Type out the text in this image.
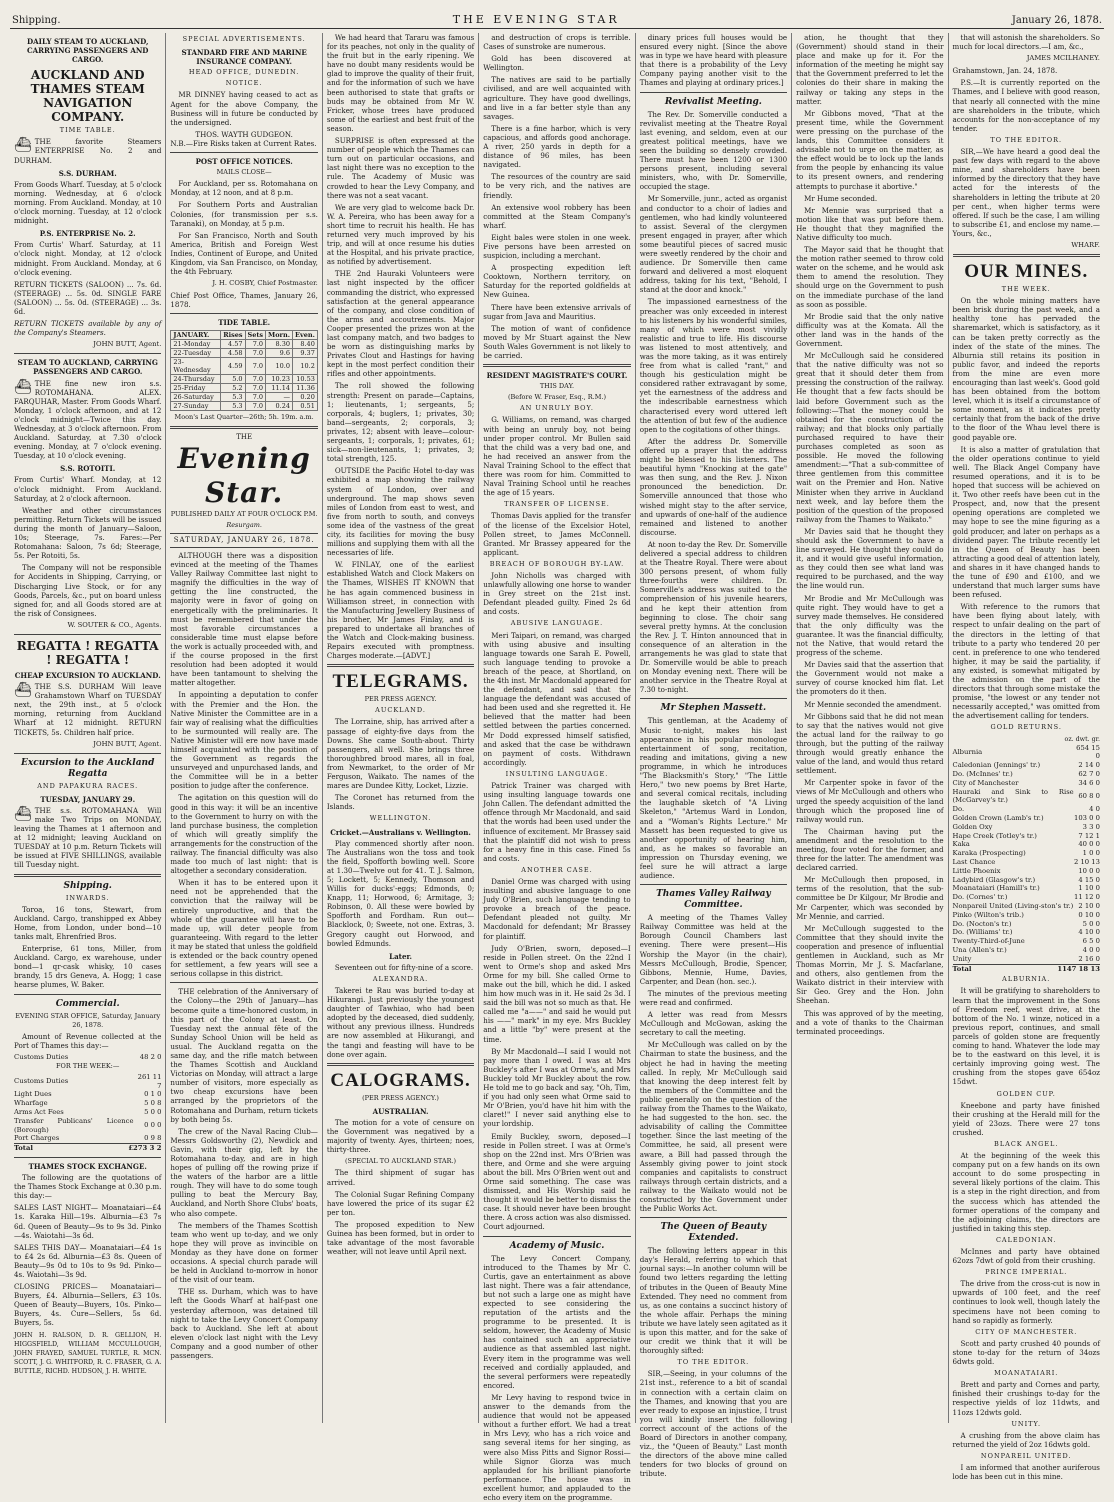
Shipping.	THE EVENING STAR	January 26, 1878.
DAILY STEAM TO AUCKLAND, CARRYING PASSENGERS AND CARGO.
AUCKLAND AND THAMES STEAM NAVIGATION COMPANY.
TIME TABLE.

⛴ THE favorite Steamers ENTERPRISE No. 2 and DURHAM.

S.S. DURHAM.

From Goods Wharf. Tuesday, at 5 o'clock morning. Wednesday, at 6 o'clock morning. From Auckland. Monday, at 10 o'clock morning. Tuesday, at 12 o'clock midnight.

P.S. ENTERPRISE No. 2.

From Curtis' Wharf. Saturday, at 11 o'clock night. Monday, at 12 o'clock midnight. From Auckland. Monday, at 6 o'clock evening.

RETURN TICKETS (SALOON) ... 7s. 6d. (STEERAGE) ... 5s. 0d. SINGLE FARE (SALOON) ... 5s. 0d. (STEERAGE) ... 3s. 6d.

RETURN TICKETS available by any of the Company's Steamers.

JOHN BUTT, Agent.
STEAM TO AUCKLAND, CARRYING PASSENGERS AND CARGO.

⛴ THE fine new iron s.s. ROTOMAHANA. ALEX. FARQUHAR, Master. From Goods Wharf. Monday, 1 o'clock afternoon, and at 12 o'clock midnight—Twice this day. Wednesday, at 3 o'clock afternoon. From Auckland. Saturday, at 7.30 o'clock evening. Monday, at 7 o'clock evening. Tuesday, at 10 o'clock evening.

S.S. ROTOITI.

From Curtis' Wharf. Monday, at 12 o'clock midnight. From Auckland. Saturday, at 2 o'clock afternoon.

Weather and other circumstances permitting. Return Tickets will be issued during the month of January—Saloon, 10s; Steerage, 7s. Fares:—Per Rotomahana: Saloon, 7s 6d; Steerage, 5s. Per Rotoiti, 5s.

The Company will not be responsible for Accidents in Shipping, Carrying, or Discharging Live Stock, or for any Goods, Parcels, &c., put on board unless signed for, and all Goods stored are at the risk of Consignees.

W. SOUTER & CO., Agents.
REGATTA ! REGATTA ! REGATTA !
CHEAP EXCURSION TO AUCKLAND.

⛴ THE S.S. DURHAM Will leave Grahamstown Wharf on TUESDAY next, the 29th inst., at 5 o'clock morning, returning from Auckland Wharf at 12 midnight. RETURN TICKETS, 5s. Children half price.

JOHN BUTT, Agent.
Excursion to the Auckland Regatta
AND PAPAKURA RACES.
TUESDAY, JANUARY 29.

⛴ THE s.s. ROTOMAHANA Will make Two Trips on MONDAY, leaving the Thames at 1 afternoon and at 12 midnight; leaving Auckland on TUESDAY at 10 p.m. Return Tickets will be issued at FIVE SHILLINGS, available till Tuesday night.

Shipping.
INWARDS.

Toroa, 16 tons, Stewart, from Auckland. Cargo, transhipped ex Abbey Home, from London, under bond—10 tanks malt, Ehrenfried Bros.

Enterprise, 61 tons, Miller, from Auckland. Cargo, ex warehouse, under bond—1 qr-cask whisky, 10 cases brandy, 15 drs Geneva, A. Hogg; 1 case hearse plumes, W. Baker.

Commercial.
EVENING STAR OFFICE, Saturday, January 26, 1878.

Amount of Revenue collected at the Port of Thames this day:—

Customs Duties	48 2 0
FOR THE WEEK:—
Customs Duties	261 11 7
Light Dues	0 1 0
Wharfage	5 0 8
Arms Act Fees	5 0 0
Transfer Publicans' Licence (Borough)	0 0 0
Port Charges	0 9 8
Total	£273 3 2
THAMES STOCK EXCHANGE.

The following are the quotations of the Thames Stock Exchange at 0.30 p.m. this day:—

SALES LAST NIGHT— Moanataiari—£4 1s. Karaka Hill—19s. Alburnia—£3 7s 6d. Queen of Beauty—9s to 9s 3d. Pinko—4s. Waiotahi—3s 6d.

SALES THIS DAY— Moanataiari—£4 1s to £4 2s 6d. Alburnia—£3 8s. Queen of Beauty—9s 0d to 10s to 9s 9d. Pinko—4s. Waiotahi—3s 9d.

CLOSING PRICES— Moanataiari—Buyers, £4. Alburnia—Sellers, £3 10s. Queen of Beauty—Buyers, 10s. Pinko—Buyers, 4s. Cure—Sellers, 5s 6d. Buyers, 5s.

JOHN H. RALSON, D. R. GELLION, H. HIGGSFIELD, WILLIAM MCCULLOUGH, JOHN FRAYED, SAMUEL TURTLE, R. MCN. SCOTT, J. G. WHITFORD, R. C. FRASER, G. A. BUTTLE, RICHD. HUDSON, J. H. WHITE.

SPECIAL ADVERTISEMENTS.
STANDARD FIRE AND MARINE INSURANCE COMPANY.
HEAD OFFICE, DUNEDIN.
NOTICE.

MR DINNEY having ceased to act as Agent for the above Company, the Business will in future be conducted by the undersigned.

THOS. WAYTH GUDGEON.

N.B.—Fire Risks taken at Current Rates.

POST OFFICE NOTICES.
MAILS CLOSE—

For Auckland, per ss. Rotomahana on Monday, at 12 noon, and at 8 p.m.

For Southern Ports and Australian Colonies, (for transmission per s.s. Taranaki), on Monday, at 5 p.m.

For San Francisco, North and South America, British and Foreign West Indies, Continent of Europe, and United Kingdom, via San Francisco, on Monday, the 4th February.

J. H. COSBY, Chief Postmaster.

Chief Post Office, Thames, January 26, 1878.

TIDE TABLE.
JANUARY.	Rises	Sets	Morn.	Even.
21-Monday	4.57	7.0	8.30	8.40
22-Tuesday	4.58	7.0	9.6	9.37
23-Wednesday	4.59	7.0	10.0	10.2
24-Thursday	5.0	7.0	10.23	10.53
25-Friday	5.2	7.0	11.14	11.36
26-Saturday	5.3	7.0	—	0.20
27-Sunday	5.3	7.0	0.24	0.51
Moon's Last Quarter—26th; 5h. 19m. a.m.
THE
Evening Star.
PUBLISHED DAILY AT FOUR O'CLOCK P.M.
Resurgam.
SATURDAY, JANUARY 26, 1878.

ALTHOUGH there was a disposition evinced at the meeting of the Thames Valley Railway Committee last night to magnify the difficulties in the way of getting the line constructed, the majority were in favor of going on energetically with the preliminaries. It must be remembered that under the most favorable circumstances a considerable time must elapse before the work is actually proceeded with, and if the course proposed in the first resolution had been adopted it would have been tantamount to shelving the matter altogether.

In appointing a deputation to confer with the Premier and the Hon. the Native Minister the Committee are in a fair way of realising what the difficulties to be surmounted will really are. The Native Minister will ere now have made himself acquainted with the position of the Government as regards the unsurveyed and unpurchased lands, and the Committee will be in a better position to judge after the conference.

The agitation on this question will do good in this way: it will be an incentive to the Government to hurry on with the land purchase business, the completion of which will greatly simplify the arrangements for the construction of the railway. The financial difficulty was also made too much of last night: that is altogether a secondary consideration.

When it has to be entered upon it need not be apprehended that the conviction that the railway will be entirely unproductive, and that the whole of the guarantee will have to be made up, will deter people from guaranteeing. With regard to the letter it may be stated that unless the goldfield is extended or the back country opened for settlement, a few years will see a serious collapse in this district.

THE celebration of the Anniversary of the Colony—the 29th of January—has become quite a time-honored custom, in this part of the Colony at least. On Tuesday next the annual fête of the Sunday School Union will be held as usual. The Auckland regatta on the same day, and the rifle match between the Thames Scottish and Auckland Victorias on Monday, will attract a large number of visitors, more especially as two cheap excursions have been arranged by the proprietors of the Rotomahana and Durham, return tickets by both being 5s.

The crew of the Naval Racing Club—Messrs Goldsworthy (2), Newdick and Gavin, with their gig, left by the Rotomahana to-day, and are in high hopes of pulling off the rowing prize if the waters of the harbor are a little rough. They will have to do some tough pulling to beat the Mercury Bay, Auckland, and North Shore Clubs' boats, who also compete.

The members of the Thames Scottish team who went up to-day, and we only hope they will prove as invincible on Monday as they have done on former occasions. A special church parade will be held in Auckland to-morrow in honor of the visit of our team.

THE ss. Durham, which was to have left the Goods Wharf at half-past one yesterday afternoon, was detained till night to take the Levy Concert Company back to Auckland. She left at about eleven o'clock last night with the Levy Company and a good number of other passengers.

We had heard that Tararu was famous for its peaches, not only in the quality of the fruit but in the early ripening. We have no doubt many residents would be glad to improve the quality of their fruit, and for the information of such we have been authorised to state that grafts or buds may be obtained from Mr W. Fricker, whose trees have produced some of the earliest and best fruit of the season.

SURPRISE is often expressed at the number of people which the Thames can turn out on particular occasions, and last night there was no exception to the rule. The Academy of Music was crowded to hear the Levy Company, and there was not a seat vacant.

We are very glad to welcome back Dr. W. A. Pereira, who has been away for a short time to recruit his health. He has returned very much improved by his trip, and will at once resume his duties at the Hospital, and his private practice, as notified by advertisement.

THE 2nd Hauraki Volunteers were last night inspected by the officer commanding the district, who expressed satisfaction at the general appearance of the company, and close condition of the arms and accoutrements. Major Cooper presented the prizes won at the last company match, and two badges to be worn as distinguishing marks by Privates Clout and Hastings for having kept in the most perfect condition their rifles and other appointments.

The roll showed the following strength: Present on parade—Captains, 1; lieutenants, 1; sergeants, 5; corporals, 4; buglers, 1; privates, 30; band—sergeants, 2; corporals, 3; privates, 12; absent with leave—colour-sergeants, 1; corporals, 1; privates, 61; sick—non-lieutenants, 1; privates, 3; total strength, 125.

OUTSIDE the Pacific Hotel to-day was exhibited a map showing the railway system of London, over and underground. The map shows seven miles of London from east to west, and five from north to south, and conveys some idea of the vastness of the great city, its facilities for moving the busy millions and supplying them with all the necessaries of life.

W. FINLAY, one of the earliest established Watch and Clock Makers on the Thames, WISHES IT KNOWN that he has again commenced business in Williamson street, in connection with the Manufacturing Jewellery Business of his brother, Mr James Finlay, and is prepared to undertake all branches of the Watch and Clock-making business. Repairs executed with promptness. Charges moderate.—[ADVT.]

TELEGRAMS.
PER PRESS AGENCY.
AUCKLAND.

The Lorraine, ship, has arrived after a passage of eighty-five days from the Downs. She came South-about. Thirty passengers, all well. She brings three thoroughbred brood mares, all in foal, from Newmarket, to the order of Mr Ferguson, Waikato. The names of the mares are Dundee Kitty, Locket, Lizzie.

The Coronet has returned from the Islands.

WELLINGTON.
Cricket.—Australians v. Wellington.

Play commenced shortly after noon. The Australians won the toss and took the field, Spofforth bowling well. Score at 1.30—Twelve out for 41. T. J. Salmon, 5; Lockett, 5; Kennedy, Thomson and Willis for ducks'-eggs; Edmonds, 0; Knapp, 11; Horwood, 6; Armitage, 3; Robinson, 0. All these were bowled by Spofforth and Fordham. Run out—Blacklock, 0; Sweete, not one. Extras, 3. Gregory caught out Horwood, and bowled Edmunds.

Later.

Seventeen out for fifty-nine of a score.

ALEXANDRA.

Takerei te Rau was buried to-day at Hikurangi. Just previously the youngest daughter of Tawhiao, who had been adopted by the deceased, died suddenly, without any previous illness. Hundreds are now assembled at Hikurangi, and the tangi and feasting will have to be done over again.

CALOGRAMS.
(PER PRESS AGENCY.)
AUSTRALIAN.

The motion for a vote of censure on the Government was negatived by a majority of twenty. Ayes, thirteen; noes, thirty-three.

(SPECIAL TO AUCKLAND STAR.)

The third shipment of sugar has arrived.

The Colonial Sugar Refining Company have lowered the price of its sugar £2 per ton.

The proposed expedition to New Guinea has been formed, but in order to take advantage of the most favorable weather, will not leave until April next.

and destruction of crops is terrible. Cases of sunstroke are numerous.

Gold has been discovered at Wellington.

The natives are said to be partially civilised, and are well acquainted with agriculture. They have good dwellings, and live in a far better style than any savages.

There is a fine harbor, which is very capacious, and affords good anchorage. A river, 250 yards in depth for a distance of 96 miles, has been navigated.

The resources of the country are said to be very rich, and the natives are friendly.

An extensive wool robbery has been committed at the Steam Company's wharf.

Eight bales were stolen in one week. Five persons have been arrested on suspicion, including a merchant.

A prospecting expedition left Cooktown, Northern territory, on Saturday for the reported goldfields at New Guinea.

There have been extensive arrivals of sugar from Java and Mauritius.

The motion of want of confidence moved by Mr Stuart against the New South Wales Government is not likely to be carried.

RESIDENT MAGISTRATE'S COURT.
THIS DAY.
(Before W. Fraser, Esq., R.M.)
AN UNRULY BOY.

G. Williams, on remand, was charged with being an unruly boy, not being under proper control. Mr Bullen said that the child was a very bad one, and he had received an answer from the Naval Training School to the effect that there was room for him. Committed to Naval Training School until he reaches the age of 15 years.

TRANSFER OF LICENSE.

Thomas Davis applied for the transfer of the license of the Excelsior Hotel, Pollen street, to James McConnell. Granted. Mr Brassey appeared for the applicant.

BREACH OF BOROUGH BY-LAW.

John Nicholls was charged with unlawfully allowing one horse to wander in Grey street on the 21st inst. Defendant pleaded guilty. Fined 2s 6d and costs.

ABUSIVE LANGUAGE.

Meri Taipari, on remand, was charged with using abusive and insulting language towards one Sarah E. Powell, such language tending to provoke a breach of the peace, at Shortland, on the 4th inst. Mr Macdonald appeared for the defendant, and said that the language the defendant was accused of had been used and she regretted it. He believed that the matter had been settled between the parties concerned. Mr Dodd expressed himself satisfied, and asked that the case be withdrawn on payment of costs. Withdrawn accordingly.

INSULTING LANGUAGE.

Patrick Trainer was charged with using insulting language towards one John Callen. The defendant admitted the offence through Mr Macdonald, and said that the words had been used under the influence of excitement. Mr Brassey said that the plaintiff did not wish to press for a heavy fine in this case. Fined 5s and costs.

ANOTHER CASE.

Daniel Orme was charged with using insulting and abusive language to one Judy O'Brien, such language tending to provoke a breach of the peace. Defendant pleaded not guilty. Mr Macdonald for defendant; Mr Brassey for plaintiff.

Judy O'Brien, sworn, deposed—I reside in Pollen street. On the 22nd I went to Orme's shop and asked Mrs Orme for my bill. She called Orme to make out the bill, which he did. I asked him how much was in it. He said 2s 3d. I said the bill was not so much as that. He called me "a——" and said he would put his ——" mark" in my eye. Mrs Buckley and a little "by" were present at the time.

By Mr Macdonald—I said I would not pay more than I owed. I was at Mrs Buckley's after I was at Orme's, and Mrs Buckley told Mr Buckley about the row. He told me to go back and say, "Oh, Tim, if you had only seen what Orme said to Mr O'Brien, you'd have hit him with the claret!" I never said anything else to your lordship.

Emily Buckley, sworn, deposed—I reside in Pollen street. I was at Orme's shop on the 22nd inst. Mrs O'Brien was there, and Orme and she were arguing about the bill. Mrs O'Brien went out and Orme said something. The case was dismissed, and His Worship said he thought it would be better to dismiss the case. It should never have been brought there. A cross action was also dismissed. Court adjourned.

Academy of Music.

The Levy Concert Company, introduced to the Thames by Mr C. Curtis, gave an entertainment as above last night. There was a fair attendance, but not such a large one as might have expected to see considering the reputation of the artists and the programme to be presented. It is seldom, however, the Academy of Music has contained such an appreciative audience as that assembled last night. Every item in the programme was well received and cordially applauded, and the several performers were repeatedly encored.

Mr Levy having to respond twice in answer to the demands from the audience that would not be appeased without a further effort. We had a treat in Mrs Levy, who has a rich voice and sang several items for her singing, as were also Miss Pitts and Signor Rossi—while Signor Giorza was much applauded for his brilliant pianoforte performance. The house was in excellent humor, and applauded to the echo every item on the programme.

dinary prices full houses would be ensured every night. [Since the above was in type we have heard with pleasure that there is a probability of the Levy Company paying another visit to the Thames and playing at ordinary prices.]

Revivalist Meeting.

The Rev. Dr. Somerville conducted a revivalist meeting at the Theatre Royal last evening, and seldom, even at our greatest political meetings, have we seen the building so densely crowded. There must have been 1200 or 1300 persons present, including several ministers, who, with Dr. Somerville, occupied the stage.

Mr Somerville, junr., acted as organist and conductor to a choir of ladies and gentlemen, who had kindly volunteered to assist. Several of the clergymen present engaged in prayer, after which some beautiful pieces of sacred music were sweetly rendered by the choir and audience. Dr Somerville then came forward and delivered a most eloquent address, taking for his text, "Behold, I stand at the door and knock."

The impassioned earnestness of the preacher was only exceeded in interest to his listeners by his wonderful similes, many of which were most vividly realistic and true to life. His discourse was listened to most attentively, and was the more taking, as it was entirely free from what is called "rant," and though his gesticulation might be considered rather extravagant by some, yet the earnestness of the address and the indescribable earnestness which characterised every word uttered left the attention of but few of the audience open to the cogitations of other things.

After the address Dr. Somerville offered up a prayer that the address might be blessed to his listeners. The beautiful hymn "Knocking at the gate" was then sung, and the Rev. J. Nixon pronounced the benediction. Dr. Somerville announced that those who wished might stay to the after service, and upwards of one-half of the audience remained and listened to another discourse.

At noon to-day the Rev. Dr. Somerville delivered a special address to children at the Theatre Royal. There were about 300 persons present, of whom fully three-fourths were children. Dr. Somerville's address was suited to the comprehension of his juvenile hearers, and he kept their attention from beginning to close. The choir sang several pretty hymns. At the conclusion the Rev. J. T. Hinton announced that in consequence of an alteration in the arrangements he was glad to state that Dr. Somerville would be able to preach on Monday evening next. There will be another service in the Theatre Royal at 7.30 to-night.

Mr Stephen Massett.

This gentleman, at the Academy of Music to-night, makes his last appearance in his popular monologue entertainment of song, recitation, reading and imitations, giving a new programme, in which he introduces "The Blacksmith's Story," "The Little Hero," two new poems by Bret Harte, and several comical recitals, including the laughable sketch of "A Living Skeleton," "Artemus Ward in London, and a "Woman's Rights Lecture." Mr Massett has been requested to give us another opportunity of hearing him, and, as he makes so favorable an impression on Thursday evening, we feel sure he will attract a large audience.

Thames Valley Railway Committee.

A meeting of the Thames Valley Railway Committee was held at the Borough Council Chambers last evening. There were present—His Worship the Mayor (in the chair), Messrs McCullough, Brodie, Spencer, Gibbons, Mennie, Hume, Davies, Carpenter, and Dean (hon. sec.).

The minutes of the previous meeting were read and confirmed.

A letter was read from Messrs McCullough and McGowan, asking the secretary to call the meeting.

Mr McCullough was called on by the Chairman to state the business, and the object he had in having the meeting called. In reply, Mr McCullough said that knowing the deep interest felt by the members of the Committee and the public generally on the question of the railway from the Thames to the Waikato, he had suggested to the hon. sec. the advisability of calling the Committee together. Since the last meeting of the Committee, he said, all present were aware, a Bill had passed through the Assembly giving power to joint stock companies and capitalists to construct railways through certain districts, and a railway to the Waikato would not be constructed by the Government under the Public Works Act.

The Queen of Beauty Extended.

The following letters appear in this day's Herald, referring to which that journal says:—In another column will be found two letters regarding the letting of tributes in the Queen of Beauty Mine Extended. They need no comment from us, as one contains a succinct history of the whole affair. Perhaps the mining tribute we have lately seen agitated as it is upon this matter, and for the sake of our credit we think that it will be thoroughly sifted:

TO THE EDITOR.

SIR,—Seeing, in your columns of the 21st inst., reference to a bit of scandal in connection with a certain claim on the Thames, and knowing that you are ever ready to expose an injustice, I trust you will kindly insert the following correct account of the actions of the Board of Directors in another company, viz., the "Queen of Beauty." Last month the directors of the above mine called tenders for two blocks of ground on tribute.

ation, he thought that they (Government) should stand in their place and make up for it. For the information of the meeting he might say that the Government preferred to let the colonies do their share in making the railway or taking any steps in the matter.

Mr Gibbons moved, "That at the present time, while the Government were pressing on the purchase of the lands, this Committee considers it advisable not to urge on the matter, as the effect would be to lock up the lands from the people by enhancing its value to its present owners, and rendering attempts to purchase it abortive."

Mr Hume seconded.

Mr Mennie was surprised that a motion like that was put before them. He thought that they magnified the Native difficulty too much.

The Mayor said that he thought that the motion rather seemed to throw cold water on the scheme, and he would ask them to amend the resolution. They should urge on the Government to push on the immediate purchase of the land as soon as possible.

Mr Brodie said that the only native difficulty was at the Komata. All the other land was in the hands of the Government.

Mr McCullough said he considered that the native difficulty was not so great that it should deter them from pressing the construction of the railway. He thought that a few facts should be laid before Government such as the following:—That the money could be obtained for the construction of the railway; and that blocks only partially purchased required to have their purchases completed as soon as possible. He moved the following amendment:—"That a sub-committee of three gentlemen from this committee wait on the Premier and Hon. Native Minister when they arrive in Auckland next week, and lay before them the position of the question of the proposed railway from the Thames to Waikato."

Mr Davies said that he thought they should ask the Government to have a line surveyed. He thought they could do it, and it would give useful information, as they could then see what land was required to be purchased, and the way the line would run.

Mr Brodie and Mr McCullough was quite right. They would have to get a survey made themselves. He considered that the only difficulty was the guarantee. It was the financial difficulty, not the Native, that would retard the progress of the scheme.

Mr Davies said that the assertion that the Government would not make a survey of course knocked him flat. Let the promoters do it then.

Mr Mennie seconded the amendment.

Mr Gibbons said that he did not mean to say that the natives would not give the actual land for the railway to go through, but the putting of the railway through would greatly enhance the value of the land, and would thus retard settlement.

Mr Carpenter spoke in favor of the views of Mr McCullough and others who urged the speedy acquisition of the land through which the proposed line of railway would run.

The Chairman having put the amendment and the resolution to the meeting, four voted for the former, and three for the latter. The amendment was declared carried.

Mr McCullough then proposed, in terms of the resolution, that the sub-committee be Dr Kilgour, Mr Brodie and Mr Carpenter, which was seconded by Mr Mennie, and carried.

Mr McCullough suggested to the Committee that they should invite the cooperation and presence of influential gentlemen in Auckland, such as Mr Thomas Morrin, Mr J. S. Macfarlane, and others, also gentlemen from the Waikato district in their interview with Sir Geo. Grey and the Hon. John Sheehan.

This was approved of by the meeting, and a vote of thanks to the Chairman terminated proceedings.

that will astonish the shareholders. So much for local directors.—I am, &c.,

JAMES MCILHANEY.

Grahamstown, Jan. 24, 1878.

P.S.—It is currently reported on the Thames, and I believe with good reason, that nearly all connected with the mine are shareholders in the tribute, which accounts for the non-acceptance of my tender.

TO THE EDITOR.

SIR,—We have heard a good deal the past few days with regard to the above mine, and shareholders have been informed by the directory that they have acted for the interests of the shareholders in letting the tribute at 20 per cent., when higher terms were offered. If such be the case, I am willing to subscribe £1, and enclose my name.—Yours, &c.,

WHARF.
OUR MINES.
THE WEEK.

On the whole mining matters have been brisk during the past week, and a healthy tone has pervaded the sharemarket, which is satisfactory, as it can be taken pretty correctly as the index of the state of the mines. The Alburnia still retains its position in public favor, and indeed the reports from the mine are even more encouraging than last week's. Good gold has been obtained from the bottom level, which it is itself a circumstance of some moment, as it indicates pretty certainly that from the back of the drive to the floor of the Whau level there is good payable ore.

It is also a matter of gratulation that the older operations continue to yield well. The Black Angel Company have resumed operations, and it is to be hoped that success will be achieved on it. Two other reefs have been cut in the Prospect, and, now that the present opening operations are completed we may hope to see the mine figuring as a gold producer, and later on perhaps as a dividend payer. The tribute recently let in the Queen of Beauty has been attracting a good deal of attention lately, and shares in it have changed hands to the tune of £90 and £100, and we understand that much larger sums have been refused.

With reference to the rumors that have been flying about lately, with respect to unfair dealing on the part of the directors in the letting of that tribute to a party who tendered 20 per cent. in preference to one who tendered higher, it may be said the partiality, if any existed, is somewhat mitigated by the admission on the part of the directors that through some mistake the promise, "the lowest or any tender not necessarily accepted," was omitted from the advertisement calling for tenders.

GOLD RETURNS.
oz. dwt. gr.
Alburnia	654 15 0
Caledonian (Jennings' tr.)	2 14 0
Do. (McInnes' tr.)	62 7 0
City of Manchester	34 6 0
Hauraki and Sink to Rise (McGarvey's tr.)	60 8 0
Do.	4 0
Golden Crown (Lamb's tr.)	103 0 0
Golden Oxy	3 3 0
Hape Creek (Totley's tr.)	7 12 1
Kaka	40 0 0
Karaka (Prospecting)	1 0 0
Last Chance	2 10 13
Little Phoenix	10 0 0
Ladybird (Glasgow's tr.)	4 15 0
Moanataiari (Hamill's tr.)	1 10 0
Do. (Cornes' tr.)	11 12 0
Nonpareil United (Living-ston's tr.)	2 10 0
Pinko (Wilton's trib.)	0 10 0
Do. (Nocton's tr.)	5 0 0
Do. (Williams' tr.)	4 10 0
Twenty-Third-of-June	6 5 0
Una (Allen's tr.)	4 0 0
Unity	2 16 0
Total	1147 18 13
ALBURNIA.

It will be gratifying to shareholders to learn that the improvement in the Sons of Freedom reef, west drive, at the bottom of the No. 1 winze, noticed in a previous report, continues, and small parcels of golden stone are frequently coming to hand. Whatever the lode may be to the eastward on this level, it is certainly improving going west. The crushing from the stopes gave 654oz 15dwt.

GOLDEN CUP.

Kneebone and party have finished their crushing at the Herald mill for the yield of 23ozs. There were 27 tons crushed.

BLACK ANGEL.

At the beginning of the week this company put on a few hands on its own account to do some prospecting in several likely portions of the claim. This is a step in the right direction, and from the success which has attended the former operations of the company and the adjoining claims, the directors are justified in taking this step.

CALEDONIAN.

McInnes and party have obtained 62ozs 7dwt of gold from their crushing.

PRINCE IMPERIAL.

The drive from the cross-cut is now in upwards of 100 feet, and the reef continues to look well, though lately the specimens have not been coming to hand so rapidly as formerly.

CITY OF MANCHESTER.

Scott and party crushed 40 pounds of stone to-day for the return of 34ozs 6dwts gold.

MOANATAIARI.

Brett and party and Cornes and party, finished their crushings to-day for the respective yields of loz 11dwts, and 11ozs 12dwts gold.

UNITY.

A crushing from the above claim has returned the yield of 2oz 16dwts gold.

NONPAREIL UNITED.

I am informed that another auriferous lode has been cut in this mine.
